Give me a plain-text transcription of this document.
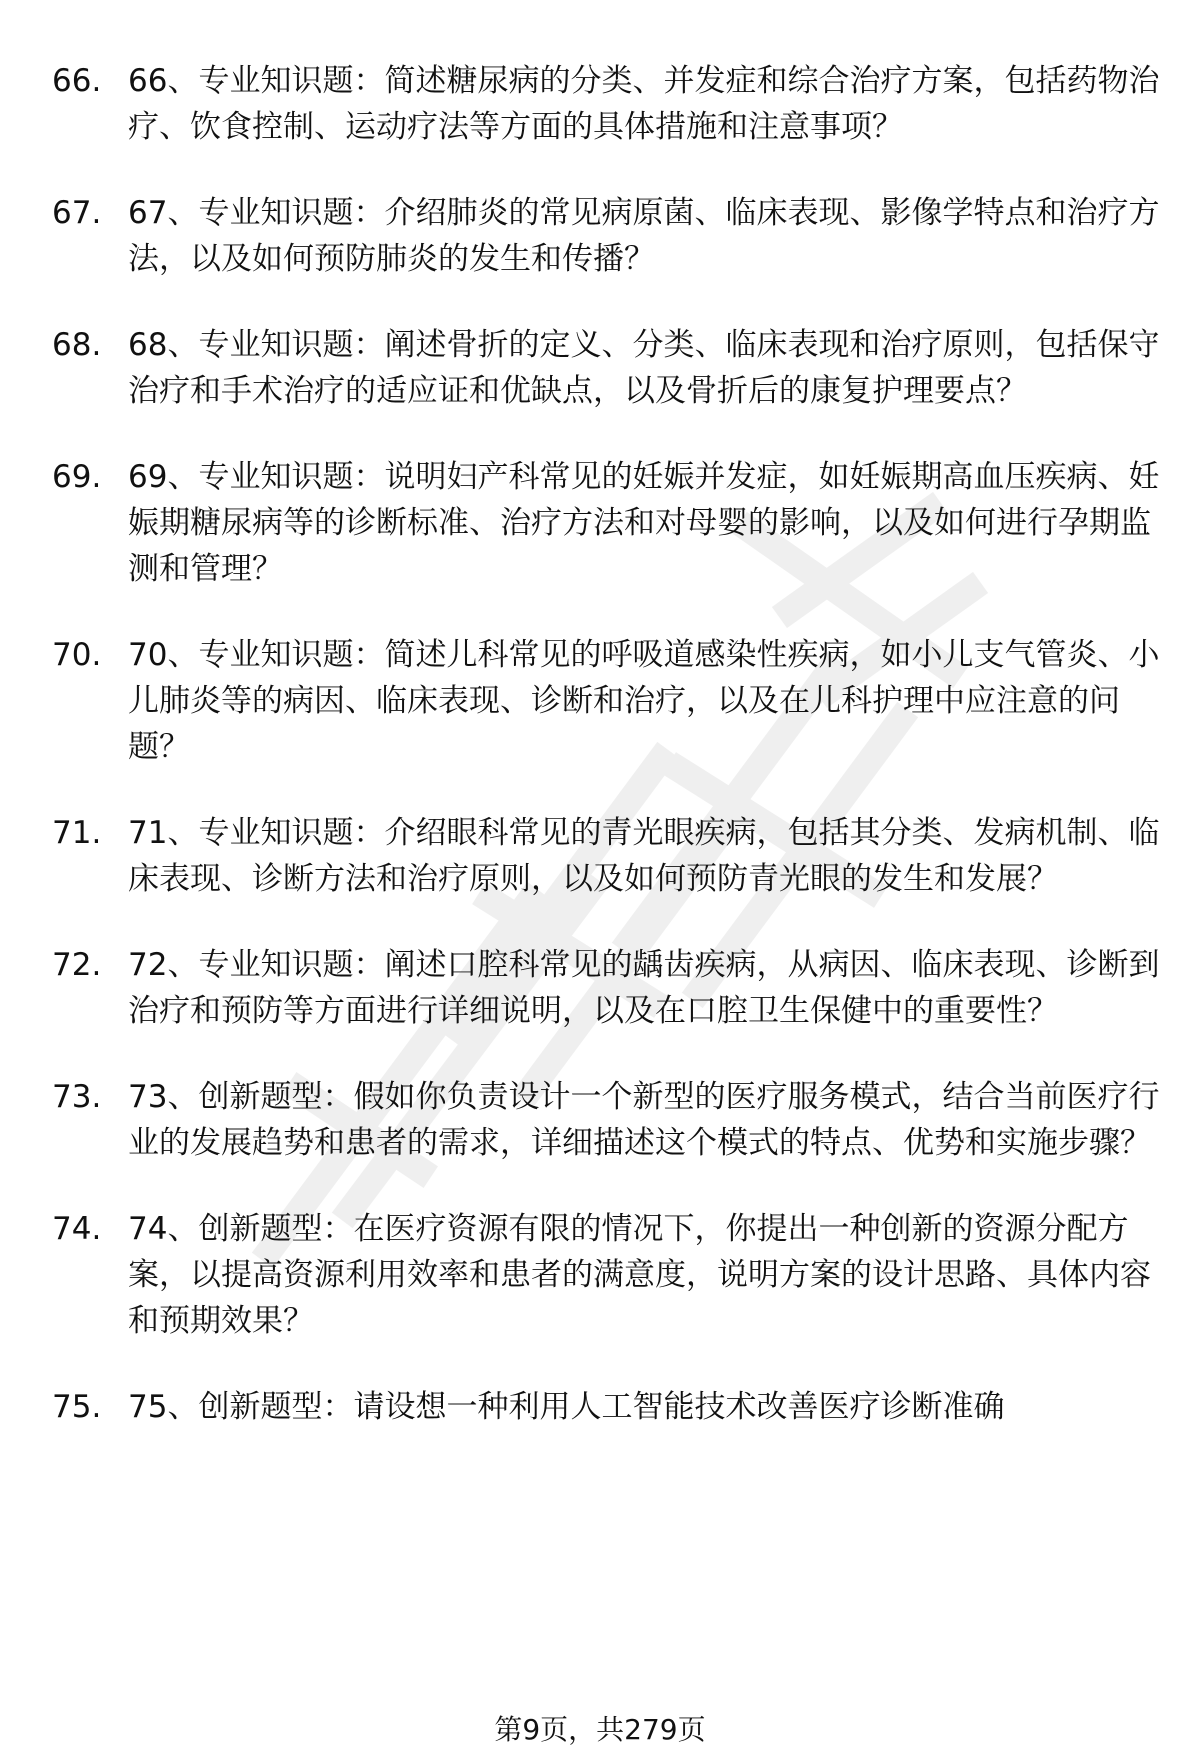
66. 66、专业知识题：简述糖尿病的分类、并发症和综合治疗方案，包括药物治疗、饮食控制、运动疗法等方面的具体措施和注意事项？
67. 67、专业知识题：介绍肺炎的常见病原菌、临床表现、影像学特点和治疗方法，以及如何预防肺炎的发生和传播？
68. 68、专业知识题：阐述骨折的定义、分类、临床表现和治疗原则，包括保守治疗和手术治疗的适应证和优缺点，以及骨折后的康复护理要点？
69. 69、专业知识题：说明妇产科常见的妊娠并发症，如妊娠期高血压疾病、妊娠期糖尿病等的诊断标准、治疗方法和对母婴的影响，以及如何进行孕期监测和管理？
70. 70、专业知识题：简述儿科常见的呼吸道感染性疾病，如小儿支气管炎、小儿肺炎等的病因、临床表现、诊断和治疗，以及在儿科护理中应注意的问题？
71. 71、专业知识题：介绍眼科常见的青光眼疾病，包括其分类、发病机制、临床表现、诊断方法和治疗原则，以及如何预防青光眼的发生和发展？
72. 72、专业知识题：阐述口腔科常见的龋齿疾病，从病因、临床表现、诊断到治疗和预防等方面进行详细说明，以及在口腔卫生保健中的重要性？
73. 73、创新题型：假如你负责设计一个新型的医疗服务模式，结合当前医疗行业的发展趋势和患者的需求，详细描述这个模式的特点、优势和实施步骤？
74. 74、创新题型：在医疗资源有限的情况下，你提出一种创新的资源分配方案，以提高资源利用效率和患者的满意度，说明方案的设计思路、具体内容和预期效果？
75. 75、创新题型：请设想一种利用人工智能技术改善医疗诊断准确
第9页，共279页
